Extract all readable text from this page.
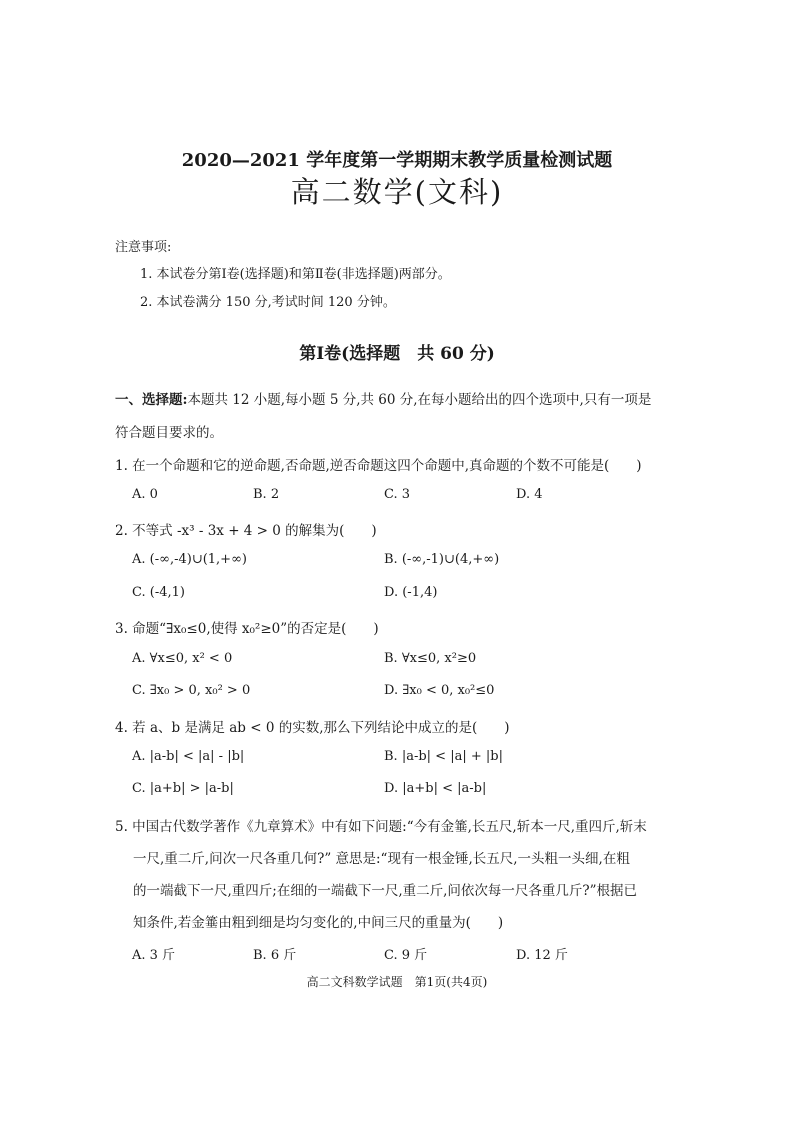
2020—2021 学年度第一学期期末教学质量检测试题
高二数学(文科)
注意事项:
1. 本试卷分第Ⅰ卷(选择题)和第Ⅱ卷(非选择题)两部分。
2. 本试卷满分 150 分,考试时间 120 分钟。
第Ⅰ卷(选择题　共 60 分)
一、选择题:本题共 12 小题,每小题 5 分,共 60 分,在每小题给出的四个选项中,只有一项是
符合题目要求的。
1. 在一个命题和它的逆命题,否命题,逆否命题这四个命题中,真命题的个数不可能是(　　)
A. 0	B. 2	C. 3	D. 4
2. 不等式 -x³ - 3x + 4 > 0 的解集为(　　)
A. (-∞,-4)∪(1,+∞)	B. (-∞,-1)∪(4,+∞)
C. (-4,1)	D. (-1,4)
3. 命题“∃x₀≤0,使得 x₀²≥0”的否定是(　　)
A. ∀x≤0, x² < 0	B. ∀x≤0, x²≥0
C. ∃x₀ > 0, x₀² > 0	D. ∃x₀ < 0, x₀²≤0
4. 若 a、b 是满足 ab < 0 的实数,那么下列结论中成立的是(　　)
A. |a-b| < |a| - |b|	B. |a-b| < |a| + |b|
C. |a+b| > |a-b|	D. |a+b| < |a-b|
5. 中国古代数学著作《九章算术》中有如下问题:“今有金箠,长五尺,斩本一尺,重四斤,斩末
一尺,重二斤,问次一尺各重几何?” 意思是:“现有一根金锤,长五尺,一头粗一头细,在粗
的一端截下一尺,重四斤;在细的一端截下一尺,重二斤,问依次每一尺各重几斤?”根据已
知条件,若金箠由粗到细是均匀变化的,中间三尺的重量为(　　)
A. 3 斤	B. 6 斤	C. 9 斤	D. 12 斤
高二文科数学试题　第1页(共4页)
